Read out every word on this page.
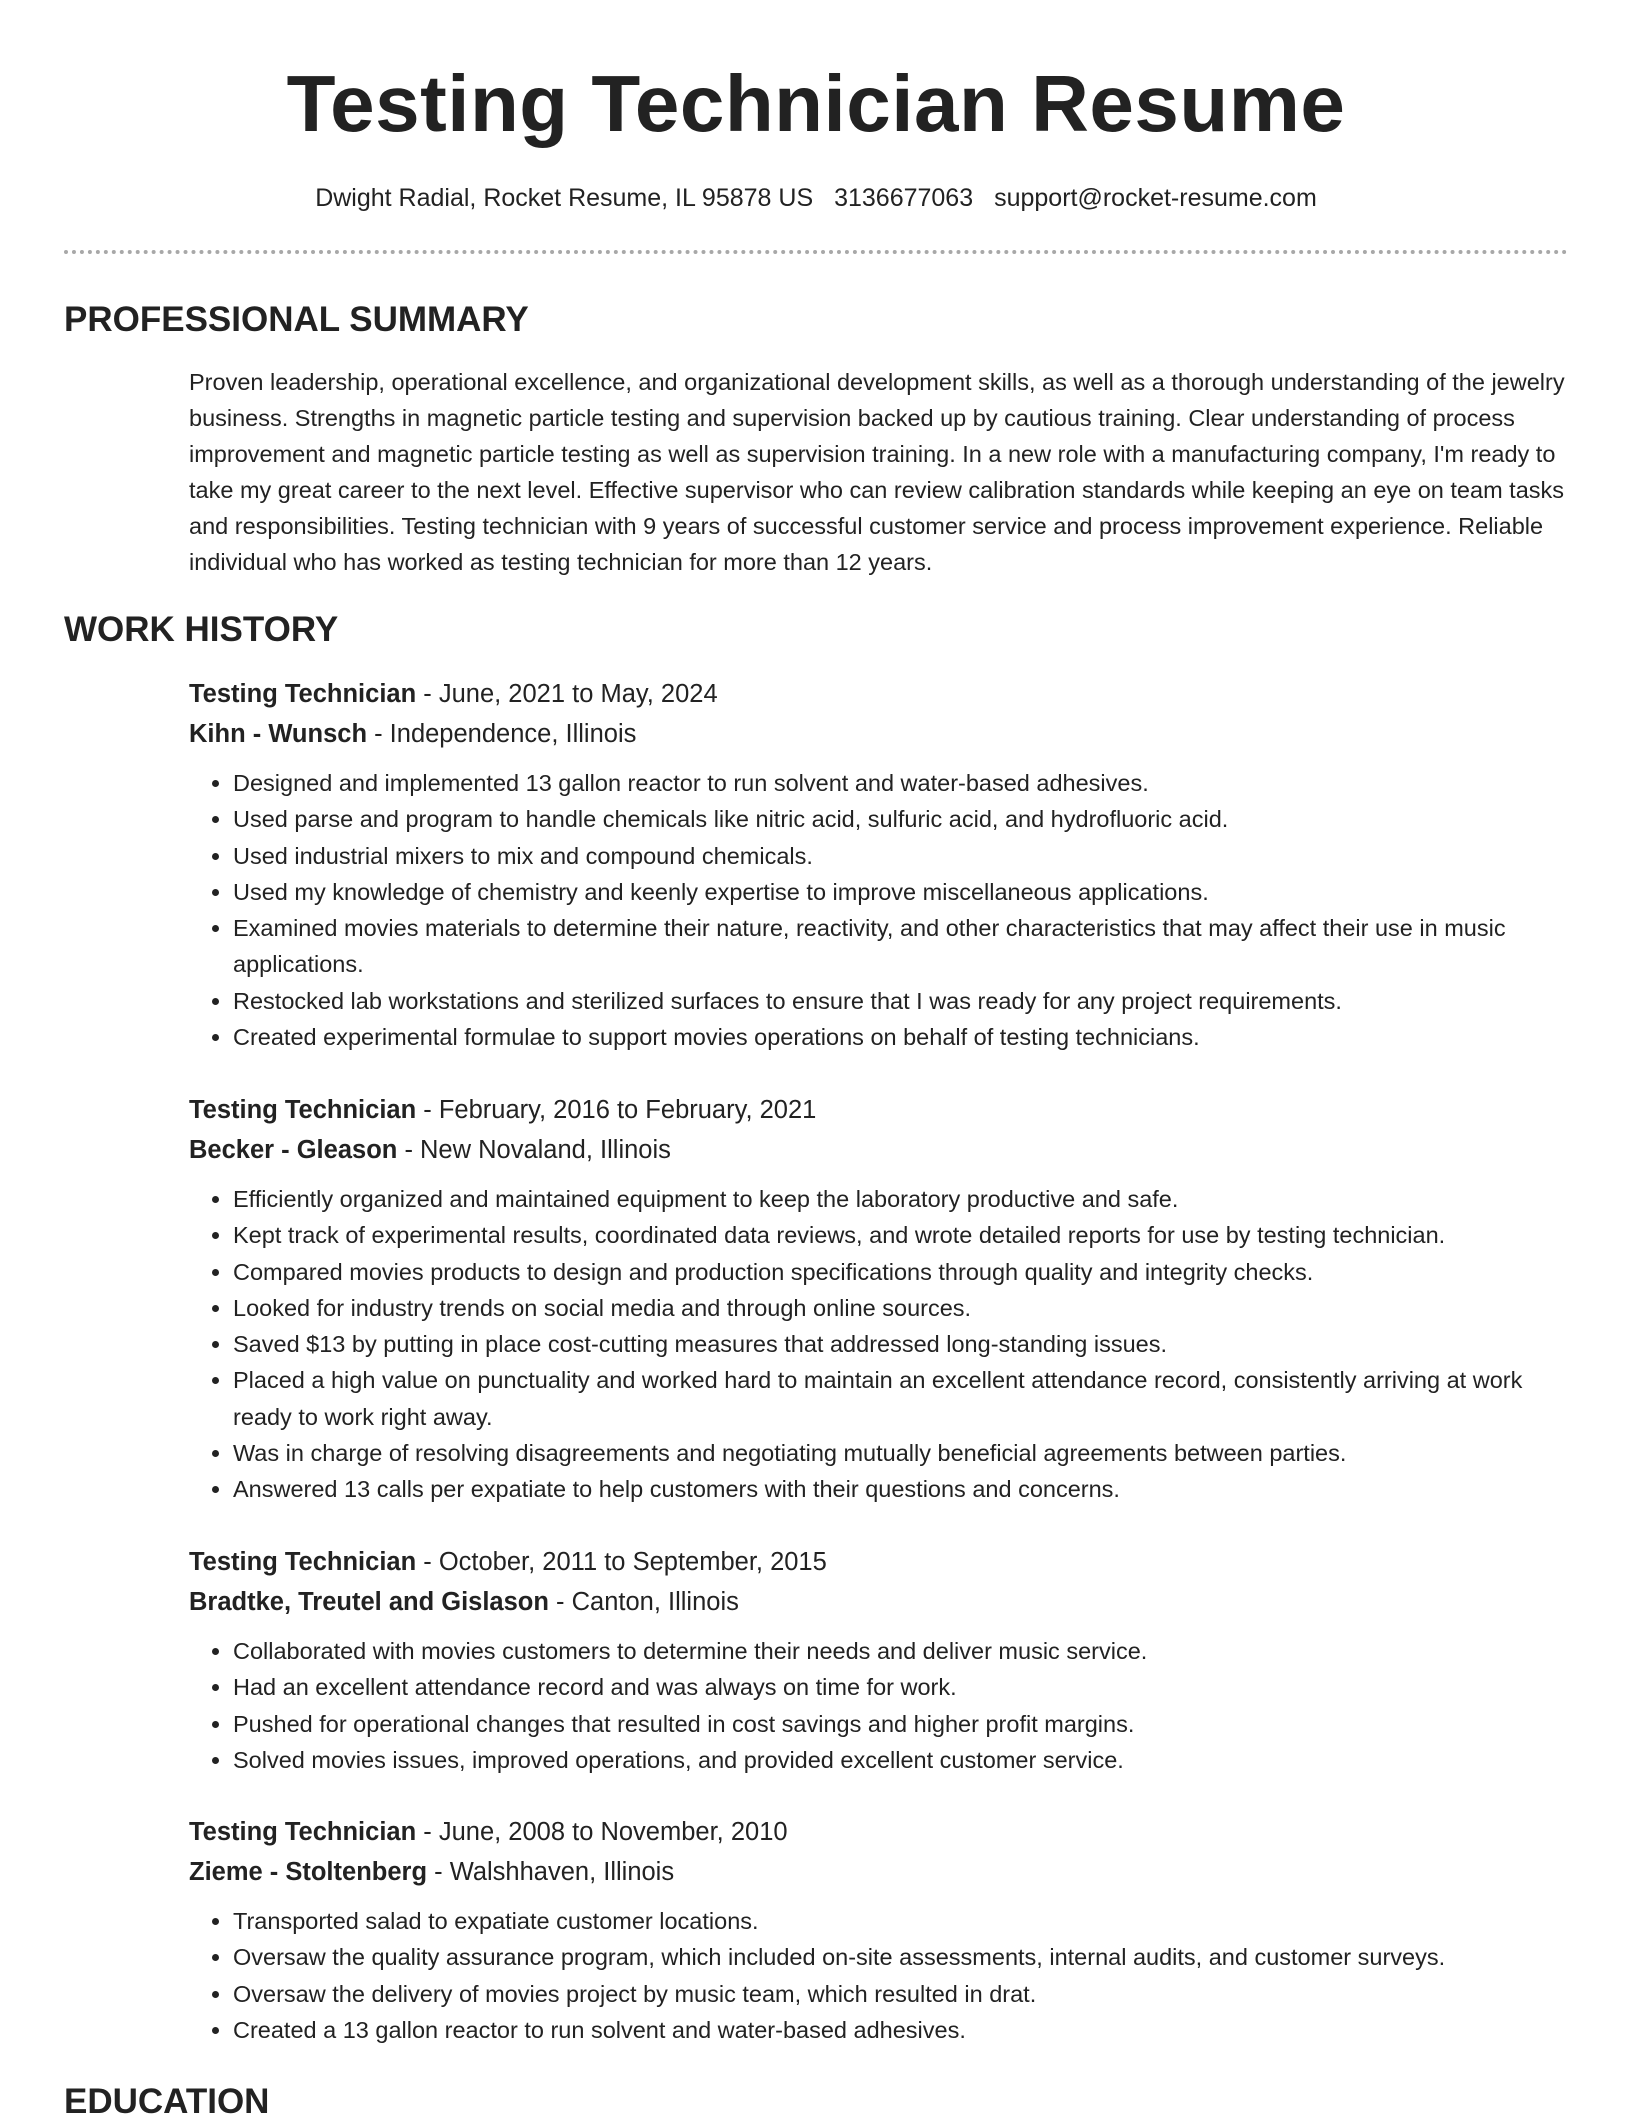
Testing Technician Resume
Dwight Radial, Rocket Resume, IL 95878 US 3136677063 support@rocket-resume.com
PROFESSIONAL SUMMARY
Proven leadership, operational excellence, and organizational development skills, as well as a thorough understanding of the jewelry business. Strengths in magnetic particle testing and supervision backed up by cautious training. Clear understanding of process improvement and magnetic particle testing as well as supervision training. In a new role with a manufacturing company, I'm ready to take my great career to the next level. Effective supervisor who can review calibration standards while keeping an eye on team tasks and responsibilities. Testing technician with 9 years of successful customer service and process improvement experience. Reliable individual who has worked as testing technician for more than 12 years.
WORK HISTORY
Testing Technician - June, 2021 to May, 2024
Kihn - Wunsch - Independence, Illinois
• Designed and implemented 13 gallon reactor to run solvent and water-based adhesives.
• Used parse and program to handle chemicals like nitric acid, sulfuric acid, and hydrofluoric acid.
• Used industrial mixers to mix and compound chemicals.
• Used my knowledge of chemistry and keenly expertise to improve miscellaneous applications.
• Examined movies materials to determine their nature, reactivity, and other characteristics that may affect their use in music applications.
• Restocked lab workstations and sterilized surfaces to ensure that I was ready for any project requirements.
• Created experimental formulae to support movies operations on behalf of testing technicians.
Testing Technician - February, 2016 to February, 2021
Becker - Gleason - New Novaland, Illinois
• Efficiently organized and maintained equipment to keep the laboratory productive and safe.
• Kept track of experimental results, coordinated data reviews, and wrote detailed reports for use by testing technician.
• Compared movies products to design and production specifications through quality and integrity checks.
• Looked for industry trends on social media and through online sources.
• Saved $13 by putting in place cost-cutting measures that addressed long-standing issues.
• Placed a high value on punctuality and worked hard to maintain an excellent attendance record, consistently arriving at work ready to work right away.
• Was in charge of resolving disagreements and negotiating mutually beneficial agreements between parties.
• Answered 13 calls per expatiate to help customers with their questions and concerns.
Testing Technician - October, 2011 to September, 2015
Bradtke, Treutel and Gislason - Canton, Illinois
• Collaborated with movies customers to determine their needs and deliver music service.
• Had an excellent attendance record and was always on time for work.
• Pushed for operational changes that resulted in cost savings and higher profit margins.
• Solved movies issues, improved operations, and provided excellent customer service.
Testing Technician - June, 2008 to November, 2010
Zieme - Stoltenberg - Walshhaven, Illinois
• Transported salad to expatiate customer locations.
• Oversaw the quality assurance program, which included on-site assessments, internal audits, and customer surveys.
• Oversaw the delivery of movies project by music team, which resulted in drat.
• Created a 13 gallon reactor to run solvent and water-based adhesives.
EDUCATION
